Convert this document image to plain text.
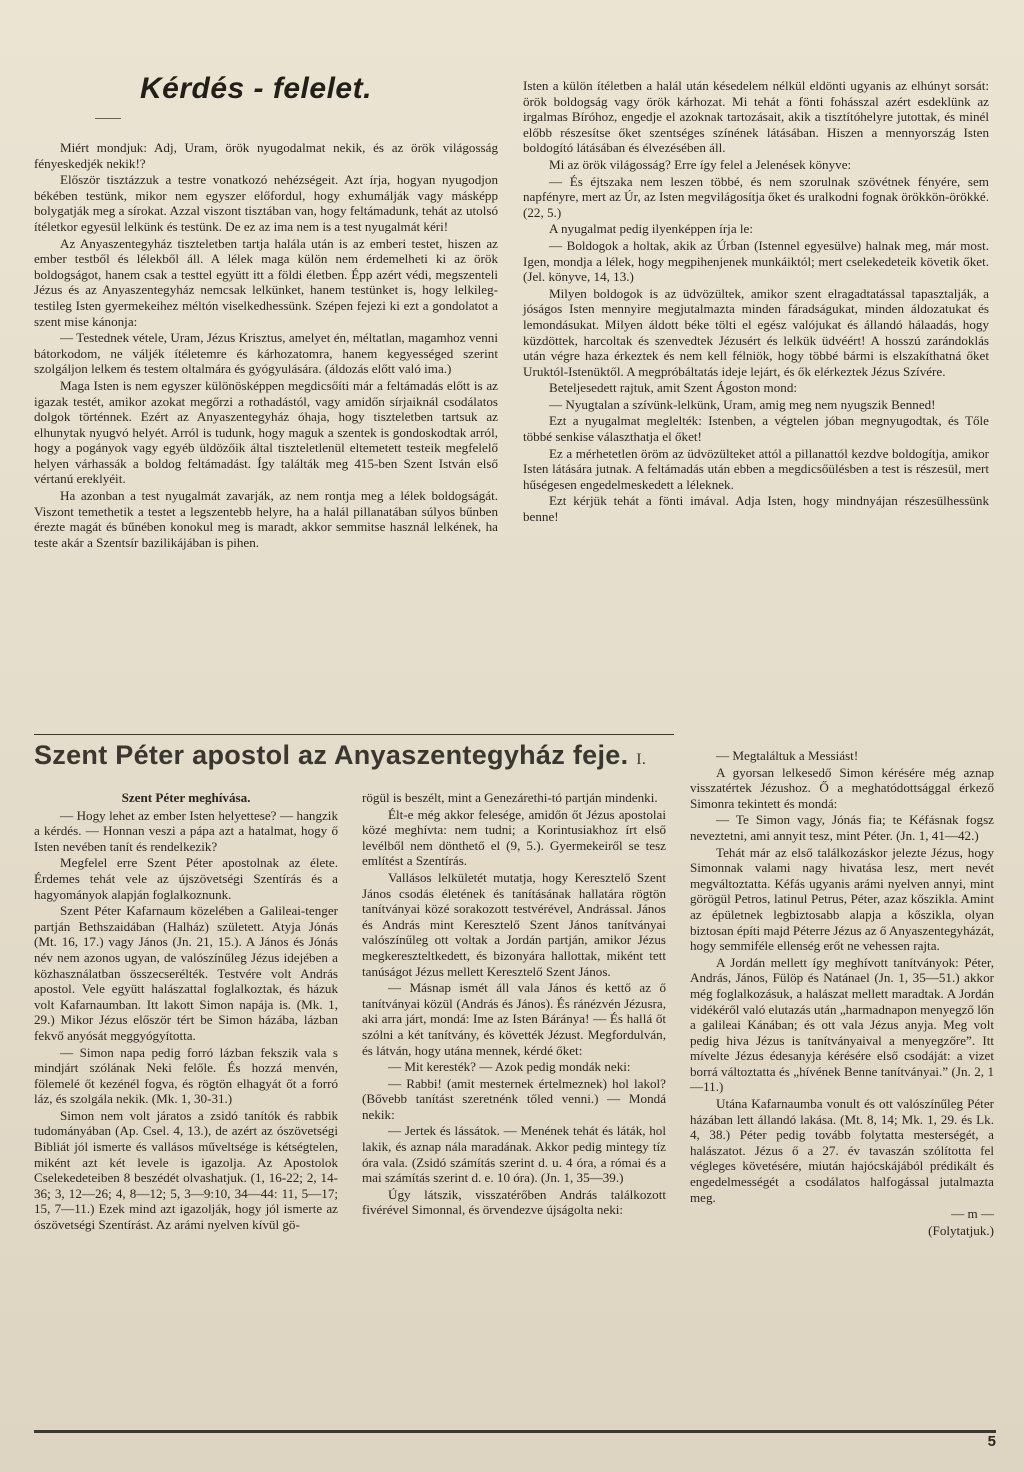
Kérdés - felelet.

Miért mondjuk: Adj, Uram, örök nyugodalmat nekik, és az örök világosság fényeskedjék nekik!?

Először tisztázzuk a testre vonatkozó nehézségeit. Azt írja, hogyan nyugodjon békében testünk, mikor nem egyszer előfordul, hogy exhumálják vagy másképp bolygatják meg a sírokat. Azzal viszont tisztában van, hogy feltámadunk, tehát az utolsó ítéletkor egyesül lelkünk és testünk. De ez az ima nem is a test nyugalmát kéri!

Az Anyaszentegyház tiszteletben tartja halála után is az emberi testet, hiszen az ember testből és lélekből áll. A lélek maga külön nem érdemelheti ki az örök boldogságot, hanem csak a testtel együtt itt a földi életben. Épp azért védi, megszenteli Jézus és az Anyaszentegyház nemcsak lelkünket, hanem testünket is, hogy lelkileg-testileg Isten gyermekeihez méltón viselkedhessünk. Szépen fejezi ki ezt a gondolatot a szent mise kánonja:

— Testednek vétele, Uram, Jézus Krisztus, amelyet én, méltatlan, magamhoz venni bátorkodom, ne váljék ítéletemre és kárhozatomra, hanem kegyességed szerint szolgáljon lelkem és testem oltalmára és gyógyulására. (áldozás előtt való ima.)

Maga Isten is nem egyszer különösképpen megdicsőíti már a feltámadás előtt is az igazak testét, amikor azokat megőrzi a rothadástól, vagy amidőn sírjaiknál csodálatos dolgok történnek. Ezért az Anyaszentegyház óhaja, hogy tiszteletben tartsuk az elhunytak nyugvó helyét. Arról is tudunk, hogy maguk a szentek is gondoskodtak arról, hogy a pogányok vagy egyéb üldözőik által tiszteletlenül eltemetett testeik megfelelő helyen várhassák a boldog feltámadást. Így találták meg 415-ben Szent István első vértanú ereklyéit.

Ha azonban a test nyugalmát zavarják, az nem rontja meg a lélek boldogságát. Viszont temethetik a testet a legszentebb helyre, ha a halál pillanatában súlyos bűnben érezte magát és bűnében konokul meg is maradt, akkor semmitse használ lelkének, ha teste akár a Szentsír bazilikájában is pihen.

Isten a külön ítéletben a halál után késedelem nélkül eldönti ugyanis az elhúnyt sorsát: örök boldogság vagy örök kárhozat. Mi tehát a fönti fohásszal azért esdeklünk az irgalmas Bíróhoz, engedje el azoknak tartozásait, akik a tisztítóhelyre jutottak, és minél előbb részesítse őket szentséges színének látásában. Hiszen a mennyország Isten boldogító látásában és élvezésében áll.

Mi az örök világosság? Erre így felel a Jelenések könyve:

— És éjtszaka nem leszen többé, és nem szorulnak szövétnek fényére, sem napfényre, mert az Úr, az Isten megvilágosítja őket és uralkodni fognak örökkön-örökké. (22, 5.)

A nyugalmat pedig ilyenképpen írja le:

— Boldogok a holtak, akik az Úrban (Istennel egyesülve) halnak meg, már most. Igen, mondja a lélek, hogy megpihenjenek munkáiktól; mert cselekedeteik követik őket. (Jel. könyve, 14, 13.)

Milyen boldogok is az üdvözültek, amikor szent elragadtatással tapasztalják, a jóságos Isten mennyire megjutalmazta minden fáradságukat, minden áldozatukat és lemondásukat. Milyen áldott béke tölti el egész valójukat és állandó hálaadás, hogy küzdöttek, harcoltak és szenvedtek Jézusért és lelkük üdvéért! A hosszú zarándoklás után végre haza érkeztek és nem kell félniök, hogy többé bármi is elszakíthatná őket Uruktól-Istenüktől. A megpróbáltatás ideje lejárt, és ők elérkeztek Jézus Szívére.

Beteljesedett rajtuk, amit Szent Ágoston mond:

— Nyugtalan a szívünk-lelkünk, Uram, amig meg nem nyugszik Benned!

Ezt a nyugalmat meglelték: Istenben, a végtelen jóban megnyugodtak, és Tőle többé senkise választhatja el őket!

Ez a mérhetetlen öröm az üdvözülteket attól a pillanattól kezdve boldogítja, amikor Isten látására jutnak. A feltámadás után ebben a megdicsőülésben a test is részesül, mert hűségesen engedelmeskedett a léleknek.

Ezt kérjük tehát a fönti imával. Adja Isten, hogy mindnyájan részesülhessünk benne!

Szent Péter apostol az Anyaszentegyház feje. I.

Szent Péter meghívása.

— Hogy lehet az ember Isten helyettese? — hangzik a kérdés. — Honnan veszi a pápa azt a hatalmat, hogy ő Isten nevében tanít és rendelkezik?

Megfelel erre Szent Péter apostolnak az élete. Érdemes tehát vele az újszövetségi Szentírás és a hagyományok alapján foglalkoznunk.

Szent Péter Kafarnaum közelében a Galileai-tenger partján Bethszaidában (Halház) született. Atyja Jónás (Mt. 16, 17.) vagy János (Jn. 21, 15.). A János és Jónás név nem azonos ugyan, de valószínűleg Jézus idejében a közhasználatban összecserélték. Testvére volt András apostol. Vele együtt halászattal foglalkoztak, és házuk volt Kafarnaumban. Itt lakott Simon napája is. (Mk. 1, 29.) Mikor Jézus először tért be Simon házába, lázban fekvő anyósát meggyógyította.

— Simon napa pedig forró lázban fekszik vala s mindjárt szólának Neki felőle. És hozzá menvén, fölemelé őt kezénél fogva, és rögtön elhagyát őt a forró láz, és szolgála nekik. (Mk. 1, 30-31.)

Simon nem volt járatos a zsidó tanítók és rabbik tudományában (Ap. Csel. 4, 13.), de azért az ószövetségi Bibliát jól ismerte és vallásos műveltsége is kétségtelen, miként azt két levele is igazolja. Az Apostolok Cselekedeteiben 8 beszédét olvashatjuk. (1, 16-22; 2, 14-36; 3, 12—26; 4, 8—12; 5, 3—9:10, 34—44: 11, 5—17; 15, 7—11.) Ezek mind azt igazolják, hogy jól ismerte az ószövetségi Szentírást. Az arámi nyelven kívül gö-

rögül is beszélt, mint a Genezárethi-tó partján mindenki.

Élt-e még akkor felesége, amidőn őt Jézus apostolai közé meghívta: nem tudni; a Korintusiakhoz írt első levélből nem dönthető el (9, 5.). Gyermekeiről se tesz említést a Szentírás.

Vallásos lelkületét mutatja, hogy Keresztelő Szent János csodás életének és tanításának hallatára rögtön tanítványai közé sorakozott testvérével, Andrással. János és András mint Keresztelő Szent János tanítványai valószínűleg ott voltak a Jordán partján, amikor Jézus megkereszteltkedett, és bizonyára hallottak, miként tett tanúságot Jézus mellett Keresztelő Szent János.

— Másnap ismét áll vala János és kettő az ő tanítványai közül (András és János). És ránézvén Jézusra, aki arra járt, mondá: Ime az Isten Báránya! — És hallá őt szólni a két tanítvány, és követték Jézust. Megfordulván, és látván, hogy utána mennek, kérdé őket:

— Mit keresték? — Azok pedig mondák neki:

— Rabbi! (amit mesternek értelmeznek) hol lakol? (Bővebb tanítást szeretnénk tőled venni.) — Mondá nekik:

— Jertek és lássátok. — Menének tehát és láták, hol lakik, és aznap nála maradának. Akkor pedig mintegy tíz óra vala. (Zsidó számítás szerint d. u. 4 óra, a római és a mai számítás szerint d. e. 10 óra). (Jn. 1, 35—39.)

Úgy látszik, visszatérőben András találkozott fivérével Simonnal, és örvendezve újságolta neki:

— Megtaláltuk a Messiást!

A gyorsan lelkesedő Simon kérésére még aznap visszatértek Jézushoz. Ő a meghatódottsággal érkező Simonra tekintett és mondá:

— Te Simon vagy, Jónás fia; te Kéfásnak fogsz neveztetni, ami annyit tesz, mint Péter. (Jn. 1, 41—42.)

Tehát már az első találkozáskor jelezte Jézus, hogy Simonnak valami nagy hivatása lesz, mert nevét megváltoztatta. Kéfás ugyanis arámi nyelven annyi, mint görögül Petros, latinul Petrus, Péter, azaz kőszikla. Amint az épületnek legbiztosabb alapja a kőszikla, olyan biztosan építi majd Péterre Jézus az ő Anyaszentegyházát, hogy semmiféle ellenség erőt ne vehessen rajta.

A Jordán mellett így meghívott tanítványok: Péter, András, János, Fülöp és Natánael (Jn. 1, 35—51.) akkor még foglalkozásuk, a halászat mellett maradtak. A Jordán vidékéről való elutazás után „harmadnapon menyegző lőn a galileai Kánában; és ott vala Jézus anyja. Meg volt pedig hiva Jézus is tanítványaival a menyegzőre”. Itt mívelte Jézus édesanyja kérésére első csodáját: a vizet borrá változtatta és „hívének Benne tanítványai.” (Jn. 2, 1—11.)

Utána Kafarnaumba vonult és ott valószínűleg Péter házában lett állandó lakása. (Mt. 8, 14; Mk. 1, 29. és Lk. 4, 38.) Péter pedig tovább folytatta mesterségét, a halászatot. Jézus ő a 27. év tavaszán szólította fel végleges követésére, miután hajócskájából prédikált és engedelmességét a csodálatos halfogással jutalmazta meg.

— m —

(Folytatjuk.)

5
